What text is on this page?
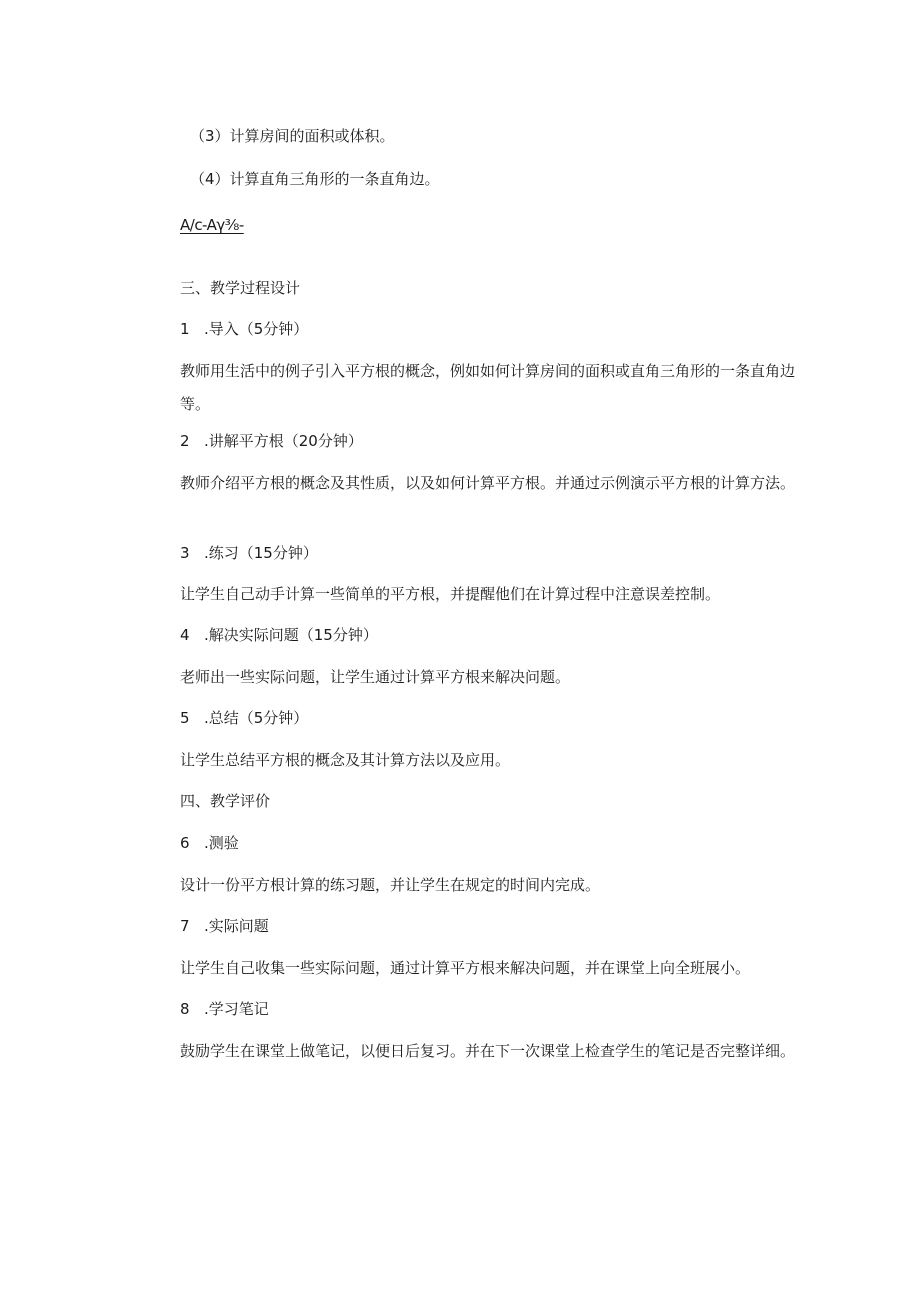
（3）计算房间的面积或体积。
（4）计算直角三角形的一条直角边。
A/c-Aγ⅜-
三、教学过程设计
1 .导入（5分钟）
教师用生活中的例子引入平方根的概念，例如如何计算房间的面积或直角三角形的一条直角边等。
2 .讲解平方根（20分钟）
教师介绍平方根的概念及其性质，以及如何计算平方根。并通过示例演示平方根的计算方法。
3 .练习（15分钟）
让学生自己动手计算一些简单的平方根，并提醒他们在计算过程中注意误差控制。
4 .解决实际问题（15分钟）
老师出一些实际问题，让学生通过计算平方根来解决问题。
5 .总结（5分钟）
让学生总结平方根的概念及其计算方法以及应用。
四、教学评价
6 .测验
设计一份平方根计算的练习题，并让学生在规定的时间内完成。
7 .实际问题
让学生自己收集一些实际问题，通过计算平方根来解决问题，并在课堂上向全班展小。
8 .学习笔记
鼓励学生在课堂上做笔记，以便日后复习。并在下一次课堂上检查学生的笔记是否完整详细。
